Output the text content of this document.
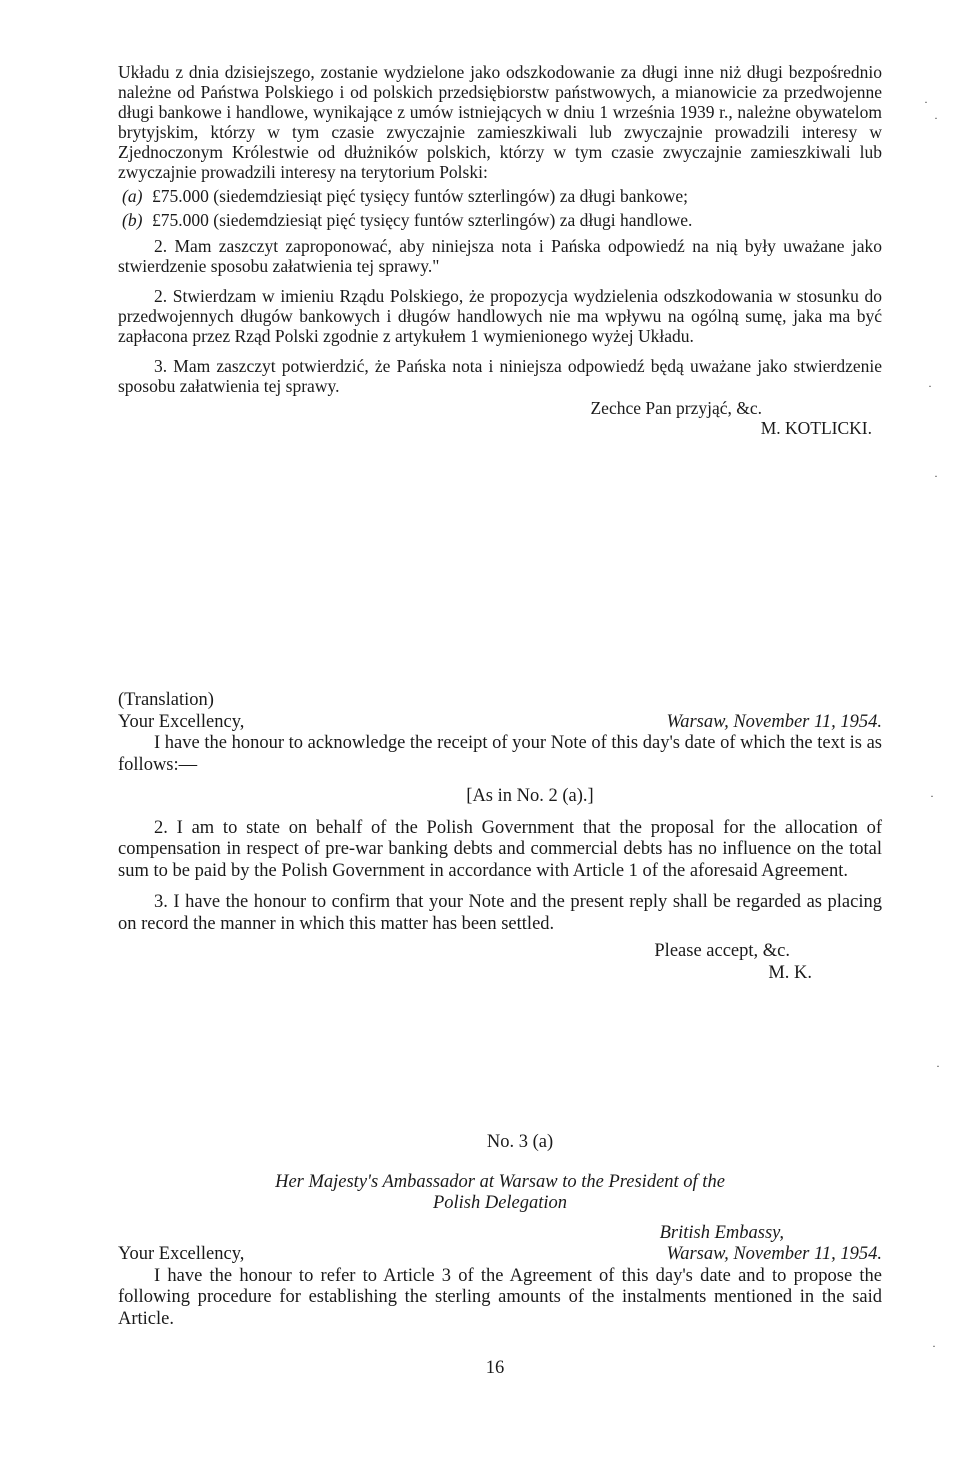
Układu z dnia dzisiejszego, zostanie wydzielone jako odszkodowanie za długi inne niż długi bezpośrednio należne od Państwa Polskiego i od polskich przedsiębiorstw państwowych, a mianowicie za przedwojenne długi bankowe i handlowe, wynikające z umów istniejących w dniu 1 września 1939 r., należne obywatelom brytyjskim, którzy w tym czasie zwyczajnie zamieszkiwali lub zwyczajnie prowadzili interesy w Zjednoczonym Królestwie od dłużników polskich, którzy w tym czasie zwyczajnie zamieszkiwali lub zwyczajnie prowadzili interesy na terytorium Polski:

(a) £75.000 (siedemdziesiąt pięć tysięcy funtów szterlingów) za długi bankowe;
(b) £75.000 (siedemdziesiąt pięć tysięcy funtów szterlingów) za długi handlowe.

2. Mam zaszczyt zaproponować, aby niniejsza nota i Pańska odpowiedź na nią były uważane jako stwierdzenie sposobu załatwienia tej sprawy."

2. Stwierdzam w imieniu Rządu Polskiego, że propozycja wydzielenia odszkodowania w stosunku do przedwojennych długów bankowych i długów handlowych nie ma wpływu na ogólną sumę, jaka ma być zapłacona przez Rząd Polski zgodnie z artykułem 1 wymienionego wyżej Układu.

3. Mam zaszczyt potwierdzić, że Pańska nota i niniejsza odpowiedź będą uważane jako stwierdzenie sposobu załatwienia tej sprawy.

Zechce Pan przyjąć, &c.

M. KOTLICKI.

(Translation)

Your Excellency,	Warsaw, November 11, 1954.

I have the honour to acknowledge the receipt of your Note of this day's date of which the text is as follows:—

[As in No. 2 (a).]

2. I am to state on behalf of the Polish Government that the proposal for the allocation of compensation in respect of pre-war banking debts and commercial debts has no influence on the total sum to be paid by the Polish Government in accordance with Article 1 of the aforesaid Agreement.

3. I have the honour to confirm that your Note and the present reply shall be regarded as placing on record the manner in which this matter has been settled.

Please accept, &c.

M. K.

No. 3 (a)

Her Majesty's Ambassador at Warsaw to the President of the

Polish Delegation

British Embassy,

Your Excellency,	Warsaw, November 11, 1954.

I have the honour to refer to Article 3 of the Agreement of this day's date and to propose the following procedure for establishing the sterling amounts of the instalments mentioned in the said Article.

16
·
·
·
·
·
·
·
